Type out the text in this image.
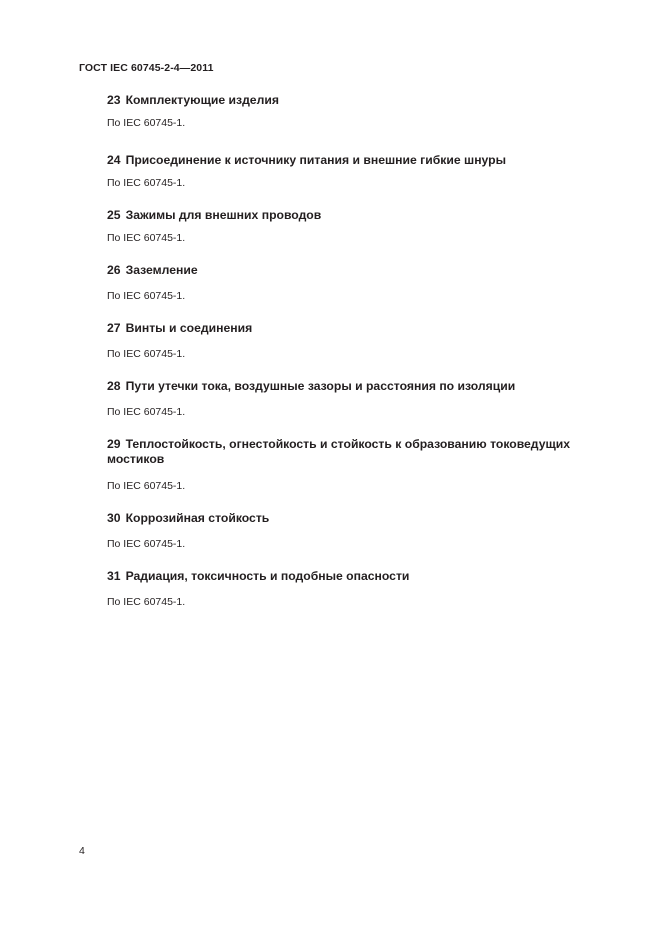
ГОСТ IEC 60745-2-4—2011

23 Комплектующие изделия

По IEC 60745-1.

24 Присоединение к источнику питания и внешние гибкие шнуры

По IEC 60745-1.

25 Зажимы для внешних проводов

По IEC 60745-1.

26 Заземление

По IEC 60745-1.

27 Винты и соединения

По IEC 60745-1.

28 Пути утечки тока, воздушные зазоры и расстояния по изоляции

По IEC 60745-1.

29 Теплостойкость, огнестойкость и стойкость к образованию токоведущих мостиков

По IEC 60745-1.

30 Коррозийная стойкость

По IEC 60745-1.

31 Радиация, токсичность и подобные опасности

По IEC 60745-1.

4
